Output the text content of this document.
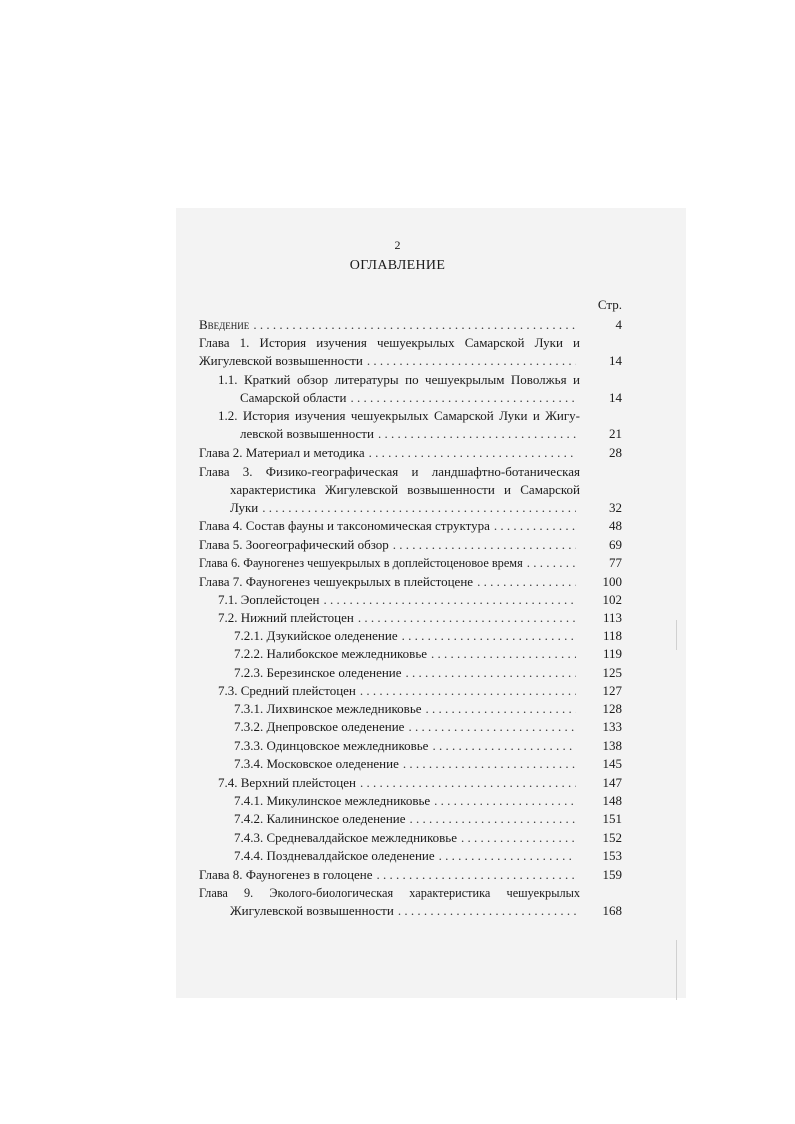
2
ОГЛАВЛЕНИЕ
Стр.
Введение . . .	4
Глава 1. История изучения чешуекрылых Самарской Луки и
Жигулевской возвышенности . . .	14
1.1. Краткий обзор литературы по чешуекрылым Поволжья и
Самарской области . . .	14
1.2. История изучения чешуекрылых Самарской Луки и Жигу-
левской возвышенности . . .	21
Глава 2. Материал и методика . . .	28
Глава 3. Физико-географическая и ландшафтно-ботаническая
характеристика Жигулевской возвышенности и Самарской
Луки . . .	32
Глава 4. Состав фауны и таксономическая структура . . .	48
Глава 5. Зоогеографический обзор . . .	69
Глава 6. Фауногенез чешуекрылых в доплейстоценовое время . . .	77
Глава 7. Фауногенез чешуекрылых в плейстоцене . . .	100
7.1. Эоплейстоцен . . .	102
7.2. Нижний плейстоцен . . .	113
7.2.1. Дзукийское оледенение . . .	118
7.2.2. Налибокское межледниковье . . .	119
7.2.3. Березинское оледенение . . .	125
7.3. Средний плейстоцен . . .	127
7.3.1. Лихвинское межледниковье . . .	128
7.3.2. Днепровское оледенение . . .	133
7.3.3. Одинцовское межледниковье . . .	138
7.3.4. Московское оледенение . . .	145
7.4. Верхний плейстоцен . . .	147
7.4.1. Микулинское межледниковье . . .	148
7.4.2. Калининское оледенение . . .	151
7.4.3. Средневалдайское межледниковье . . .	152
7.4.4. Поздневалдайское оледенение . . .	153
Глава 8. Фауногенез в голоцене . . .	159
Глава 9. Эколого-биологическая характеристика чешуекрылых
Жигулевской возвышенности . . .	168
